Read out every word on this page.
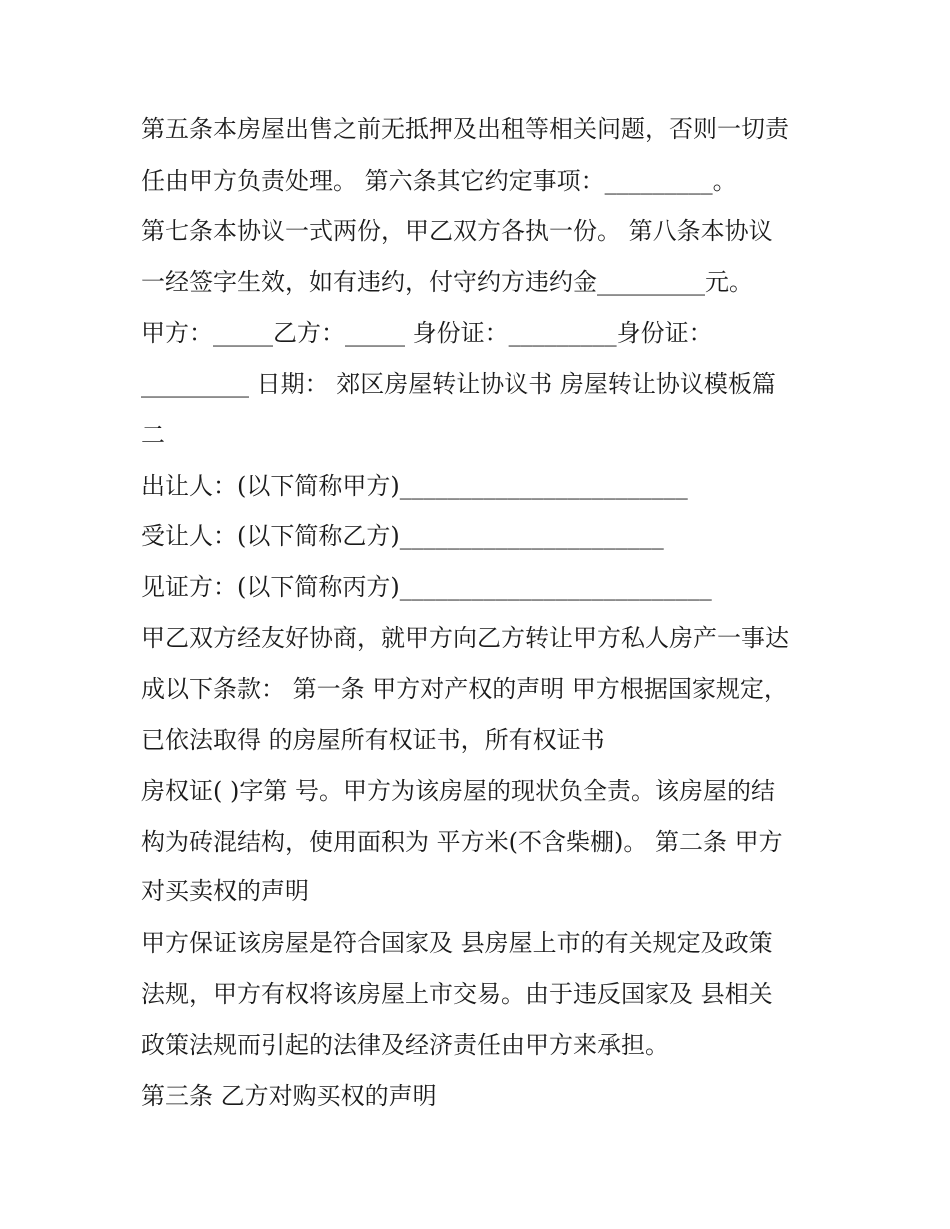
第五条本房屋出售之前无抵押及出租等相关问题，否则一切责
任由甲方负责处理。 第六条其它约定事项：_________。
第七条本协议一式两份，甲乙双方各执一份。 第八条本协议
一经签字生效，如有违约，付守约方违约金_________元。
甲方：_____乙方：_____ 身份证：_________身份证：
_________ 日期： 郊区房屋转让协议书 房屋转让协议模板篇
二
出让人：(以下简称甲方)________________________
受让人：(以下简称乙方)______________________
见证方：(以下简称丙方)__________________________
甲乙双方经友好协商，就甲方向乙方转让甲方私人房产一事达
成以下条款： 第一条 甲方对产权的声明 甲方根据国家规定，
已依法取得 的房屋所有权证书，所有权证书
房权证( )字第 号。甲方为该房屋的现状负全责。该房屋的结
构为砖混结构，使用面积为 平方米(不含柴棚)。 第二条 甲方
对买卖权的声明
甲方保证该房屋是符合国家及 县房屋上市的有关规定及政策
法规，甲方有权将该房屋上市交易。由于违反国家及 县相关
政策法规而引起的法律及经济责任由甲方来承担。
第三条 乙方对购买权的声明
